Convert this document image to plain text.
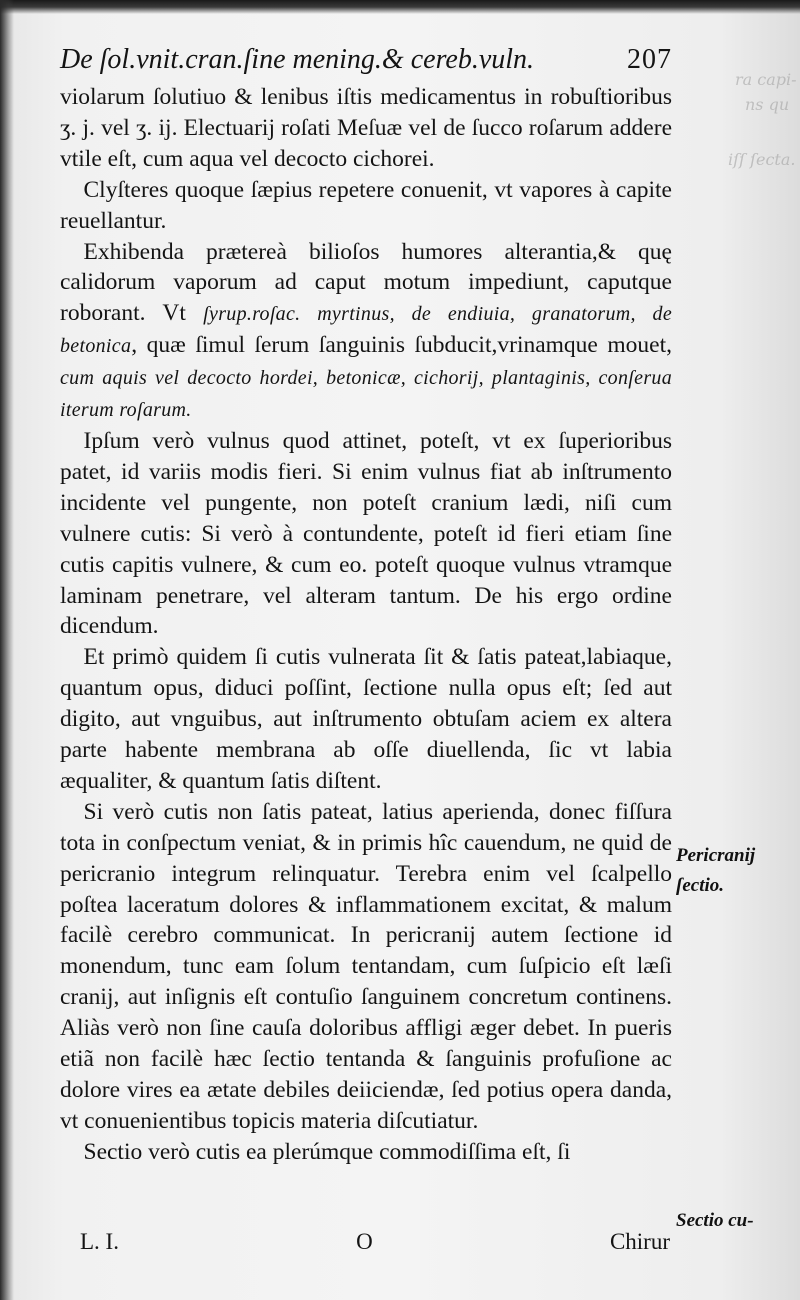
ra capi-
ns qu
iſſ ſecta.
De ſol.vnit.cran.ſine mening.& cereb.vuln.	207

violarum ſolutiuo & lenibus iſtis medicamentus in robuſtioribus ʒ. j. vel ʒ. ij. Electuarij roſati Meſuæ vel de ſucco roſarum addere vtile eſt, cum aqua vel decocto cichorei.

Clyſteres quoque ſæpius repetere conuenit, vt vapores à capite reuellantur.

Exhibenda prætereà bilioſos humores alterantia,& quę calidorum vaporum ad caput motum impediunt, caputque roborant. Vt ſyrup.roſac. myrtinus, de endiuia, granatorum, de betonica, quæ ſimul ſerum ſanguinis ſubducit,vrinamque mouet, cum aquis vel decocto hordei, betonicæ, cichorij, plantaginis, conſerua iterum roſarum.

Ipſum verò vulnus quod attinet, poteſt, vt ex ſuperioribus patet, id variis modis fieri. Si enim vulnus fiat ab inſtrumento incidente vel pungente, non poteſt cranium lædi, niſi cum vulnere cutis: Si verò à contundente, poteſt id fieri etiam ſine cutis capitis vulnere, & cum eo. poteſt quoque vulnus vtramque laminam penetrare, vel alteram tantum. De his ergo ordine dicendum.

Et primò quidem ſi cutis vulnerata ſit & ſatis pateat,labiaque, quantum opus, diduci poſſint, ſectione nulla opus eſt; ſed aut digito, aut vnguibus, aut inſtrumento obtuſam aciem ex altera parte habente membrana ab oſſe diuellenda, ſic vt labia æqualiter, & quantum ſatis diſtent.

Si verò cutis non ſatis pateat, latius aperienda, donec fiſſura tota in conſpectum veniat, & in primis hîc cauendum, ne quid de pericranio integrum relinquatur. Terebra enim vel ſcalpello poſtea laceratum dolores & inflammationem excitat, & malum facilè cerebro communicat. In pericranij autem ſectione id monendum, tunc eam ſolum tentandam, cum ſuſpicio eſt læſi cranij, aut inſignis eſt contuſio ſanguinem concretum continens. Aliàs verò non ſine cauſa doloribus affligi æger debet. In pueris etiã non facilè hæc ſectio tentanda & ſanguinis profuſione ac dolore vires ea ætate debiles deiiciendæ, ſed potius opera danda, vt conuenientibus topicis materia diſcutiatur.

Sectio verò cutis ea plerúmque commodiſſima eſt, ſi

Pericranij ſectio.
Sectio cu-
L. I.	O	Chirur
